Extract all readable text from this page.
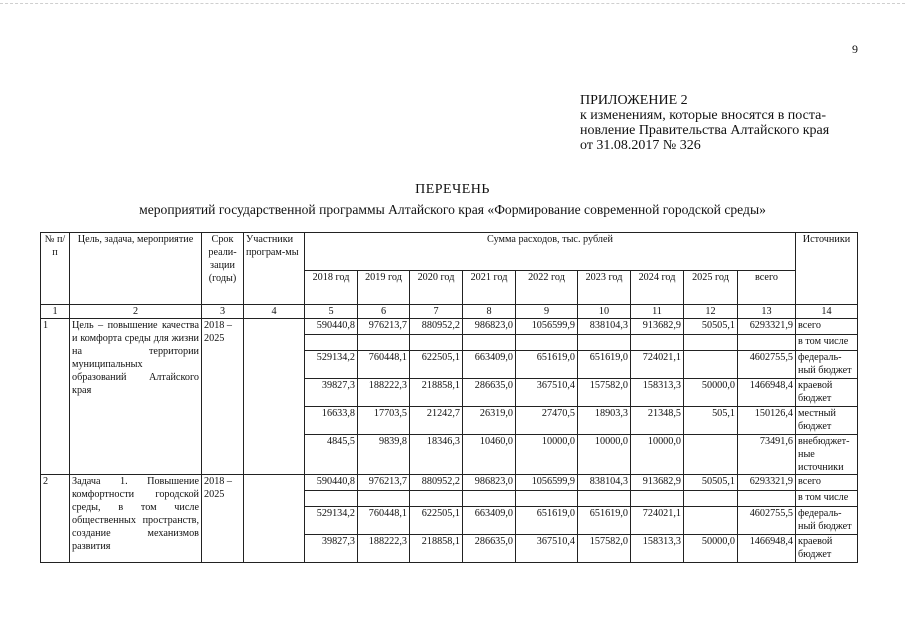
9
ПРИЛОЖЕНИЕ 2
к изменениям, которые вносятся в поста-
новление Правительства Алтайского края
от 31.08.2017 № 326
ПЕРЕЧЕНЬ
мероприятий государственной программы Алтайского края «Формирование современной городской среды»
№ п/п	Цель, задача, мероприятие	Срок реали-зации (годы)	Участники програм-мы	Сумма расходов, тыс. рублей									Источники
				2018 год	2019 год	2020 год	2021 год	2022 год	2023 год	2024 год	2025 год	всего	
1	2	3	4	5	6	7	8	9	10	11	12	13	14
1	Цель – повышение качества и комфорта среды для жизни на территории муниципальных образований Алтайского края	2018 – 2025		590440,8	976213,7	880952,2	986823,0	1056599,9	838104,3	913682,9	50505,1	6293321,9	всего
													в том числе
				529134,2	760448,1	622505,1	663409,0	651619,0	651619,0	724021,1		4602755,5	федераль-ный бюджет
				39827,3	188222,3	218858,1	286635,0	367510,4	157582,0	158313,3	50000,0	1466948,4	краевой бюджет
				16633,8	17703,5	21242,7	26319,0	27470,5	18903,3	21348,5	505,1	150126,4	местный бюджет
				4845,5	9839,8	18346,3	10460,0	10000,0	10000,0	10000,0		73491,6	внебюджет-ные источники
2	Задача 1. Повышение комфортности городской среды, в том числе общественных пространств, создание механизмов развития	2018 – 2025		590440,8	976213,7	880952,2	986823,0	1056599,9	838104,3	913682,9	50505,1	6293321,9	всего
													в том числе
				529134,2	760448,1	622505,1	663409,0	651619,0	651619,0	724021,1		4602755,5	федераль-ный бюджет
				39827,3	188222,3	218858,1	286635,0	367510,4	157582,0	158313,3	50000,0	1466948,4	краевой бюджет
